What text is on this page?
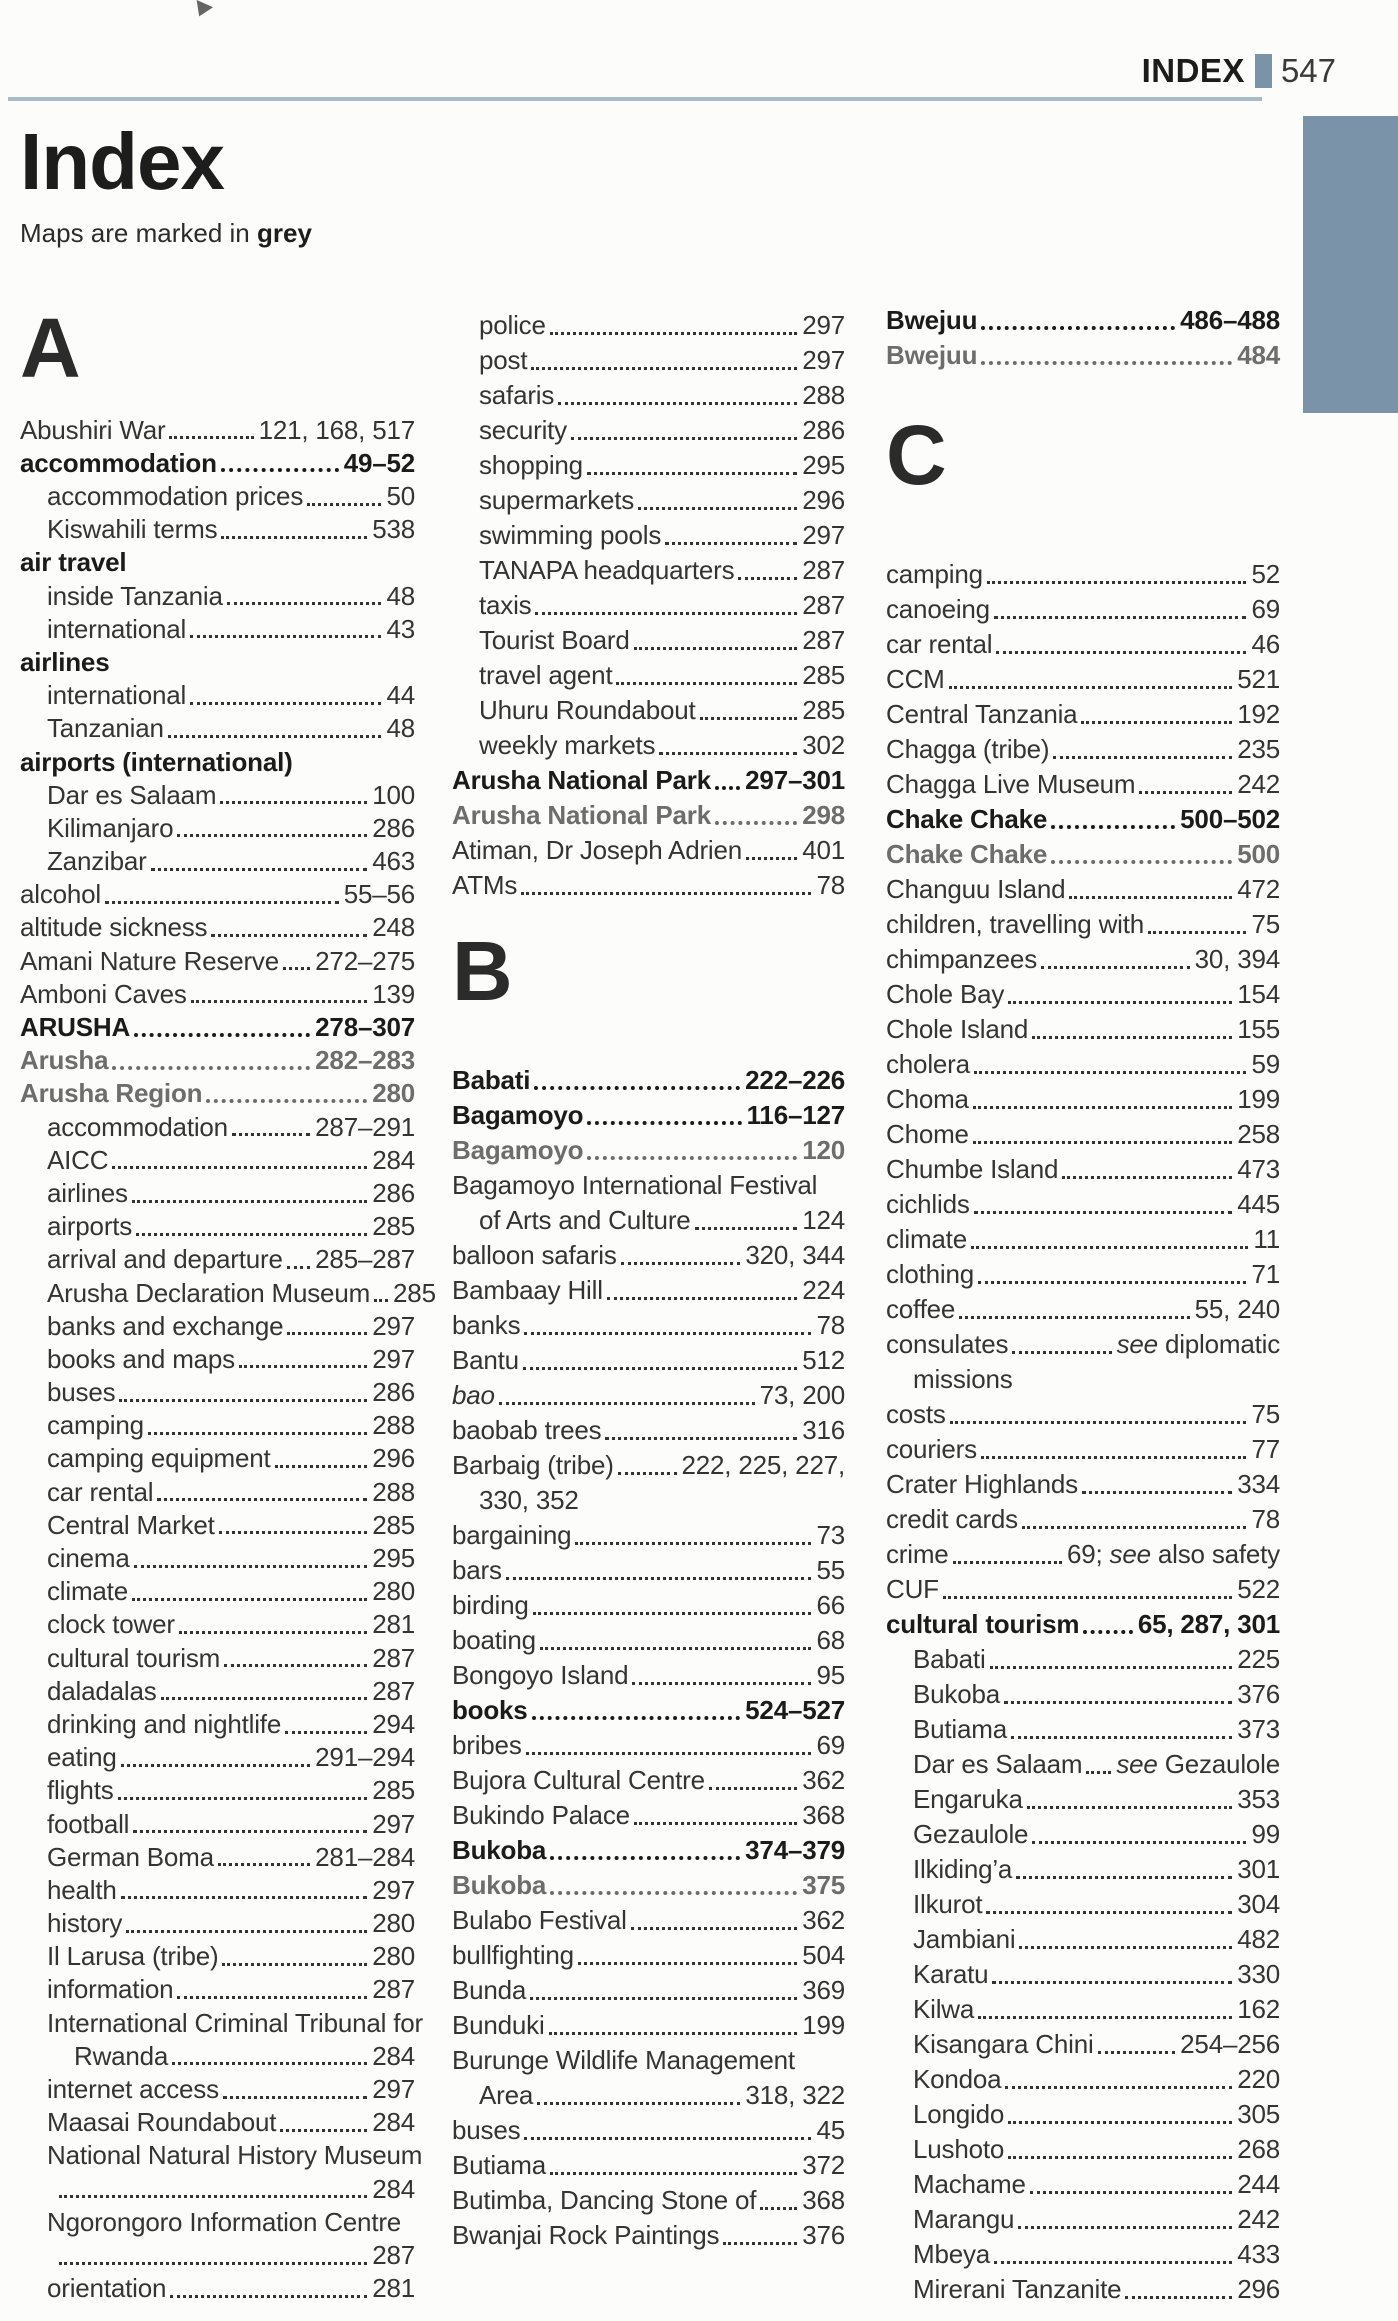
INDEX 547
Index
Maps are marked in grey
A
Abushiri War	121, 168, 517
accommodation	49–52
accommodation prices	50
Kiswahili terms	538
air travel
inside Tanzania	48
international	43
airlines
international	44
Tanzanian	48
airports (international)
Dar es Salaam	100
Kilimanjaro	286
Zanzibar	463
alcohol	55–56
altitude sickness	248
Amani Nature Reserve 272–275
Amboni Caves	139
ARUSHA	278–307
Arusha	282–283
Arusha Region	280
accommodation	287–291
AICC	284
airlines	286
airports	285
arrival and departure 285–287
Arusha Declaration Museum 285
banks and exchange	297
books and maps	297
buses	286
camping	288
camping equipment	296
car rental	288
Central Market	285
cinema	295
climate	280
clock tower	281
cultural tourism	287
daladalas	287
drinking and nightlife	294
eating	291–294
flights	285
football	297
German Boma	281–284
health	297
history	280
Il Larusa (tribe)	280
information	287
International Criminal Tribunal for
Rwanda	284
internet access	297
Maasai Roundabout	284
National Natural History Museum
284
Ngorongoro Information Centre
287
orientation	281
police	297
post	297
safaris	288
security	286
shopping	295
supermarkets	296
swimming pools	297
TANAPA headquarters	287
taxis	287
Tourist Board	287
travel agent	285
Uhuru Roundabout	285
weekly markets	302
Arusha National Park 297–301
Arusha National Park	298
Atiman, Dr Joseph Adrien 401
ATMs	78
B
Babati	222–226
Bagamoyo	116–127
Bagamoyo	120
Bagamoyo International Festival
of Arts and Culture	124
balloon safaris	320, 344
Bambaay Hill	224
banks	78
Bantu	512
bao	73, 200
baobab trees	316
Barbaig (tribe)	222, 225, 227,
330, 352
bargaining	73
bars	55
birding	66
boating	68
Bongoyo Island	95
books	524–527
bribes	69
Bujora Cultural Centre	362
Bukindo Palace	368
Bukoba	374–379
Bukoba	375
Bulabo Festival	362
bullfighting	504
Bunda	369
Bunduki	199
Burunge Wildlife Management
Area	318, 322
buses	45
Butiama	372
Butimba, Dancing Stone of 368
Bwanjai Rock Paintings	376
Bwejuu	486–488
Bwejuu	484
C
camping	52
canoeing	69
car rental	46
CCM	521
Central Tanzania	192
Chagga (tribe)	235
Chagga Live Museum	242
Chake Chake	500–502
Chake Chake	500
Changuu Island	472
children, travelling with	75
chimpanzees	30, 394
Chole Bay	154
Chole Island	155
cholera	59
Choma	199
Chome	258
Chumbe Island	473
cichlids	445
climate	11
clothing	71
coffee	55, 240
consulates	see diplomatic
missions
costs	75
couriers	77
Crater Highlands	334
credit cards	78
crime	69; see also safety
CUF	522
cultural tourism 65, 287, 301
Babati	225
Bukoba	376
Butiama	373
Dar es Salaam see Gezaulole
Engaruka	353
Gezaulole	99
Ilkiding’a	301
Ilkurot	304
Jambiani	482
Karatu	330
Kilwa	162
Kisangara Chini	254–256
Kondoa	220
Longido	305
Lushoto	268
Machame	244
Marangu	242
Mbeya	433
Mirerani Tanzanite	296
